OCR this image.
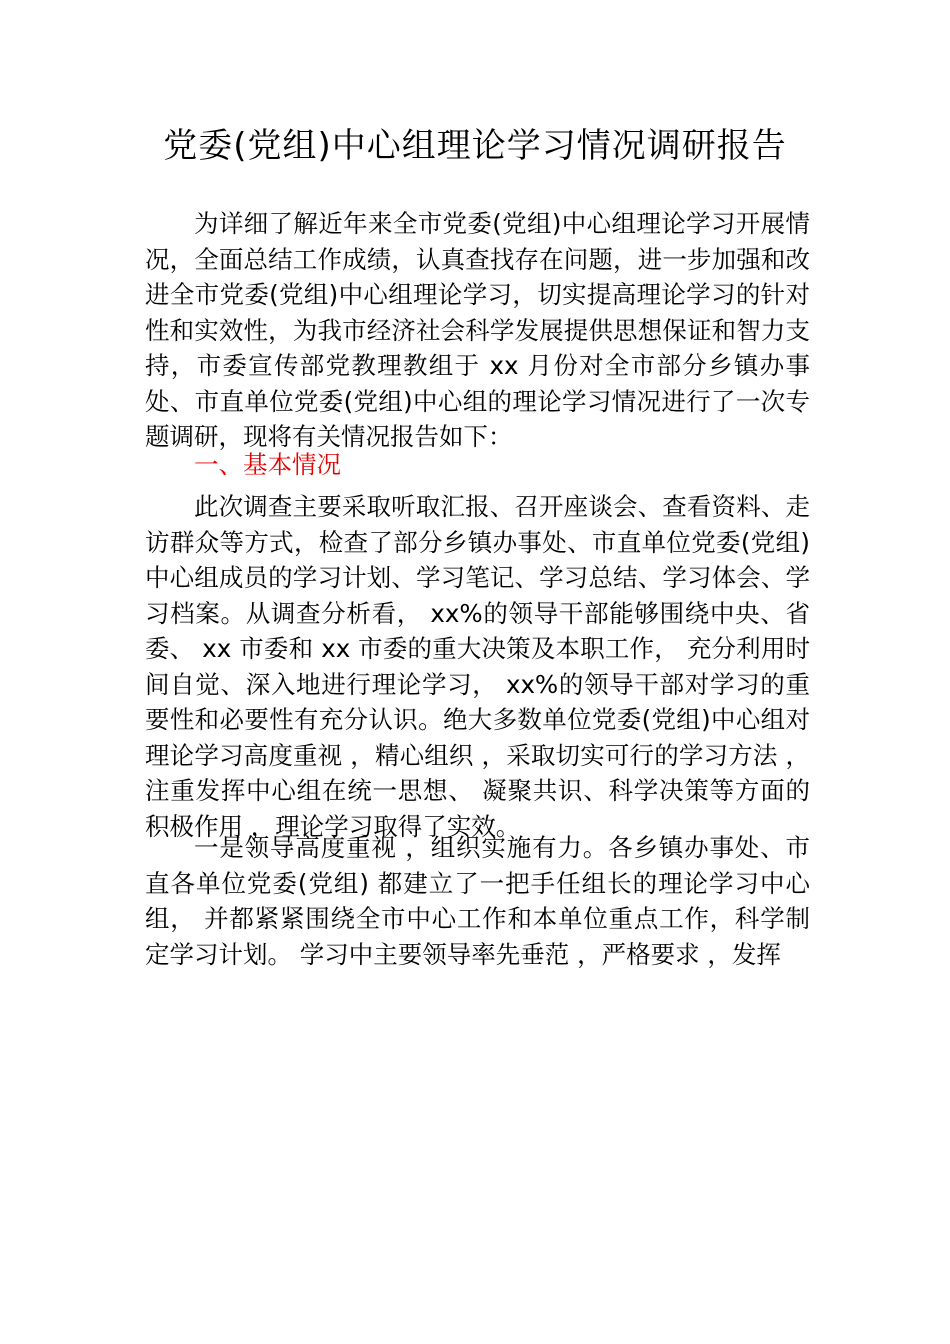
党委(党组)中心组理论学习情况调研报告

为详细了解近年来全市党委(党组)中心组理论学习开展情况，全面总结工作成绩，认真查找存在问题，进一步加强和改进全市党委(党组)中心组理论学习，切实提高理论学习的针对性和实效性，为我市经济社会科学发展提供思想保证和智力支持，市委宣传部党教理教组于 xx 月份对全市部分乡镇办事处、市直单位党委(党组)中心组的理论学习情况进行了一次专题调研，现将有关情况报告如下：

一、基本情况

此次调查主要采取听取汇报、召开座谈会、查看资料、走访群众等方式，检查了部分乡镇办事处、市直单位党委(党组)中心组成员的学习计划、学习笔记、学习总结、学习体会、学习档案。从调查分析看， xx%的领导干部能够围绕中央、省委、 xx 市委和 xx 市委的重大决策及本职工作， 充分利用时间自觉、深入地进行理论学习， xx%的领导干部对学习的重要性和必要性有充分认识。绝大多数单位党委(党组)中心组对理论学习高度重视 ，精心组织 ，采取切实可行的学习方法 ，注重发挥中心组在统一思想、 凝聚共识、科学决策等方面的积极作用 ，理论学习取得了实效。

一是领导高度重视 ，组织实施有力。各乡镇办事处、市直各单位党委(党组) 都建立了一把手任组长的理论学习中心组， 并都紧紧围绕全市中心工作和本单位重点工作，科学制定学习计划。 学习中主要领导率先垂范 ，严格要求 ，发挥
